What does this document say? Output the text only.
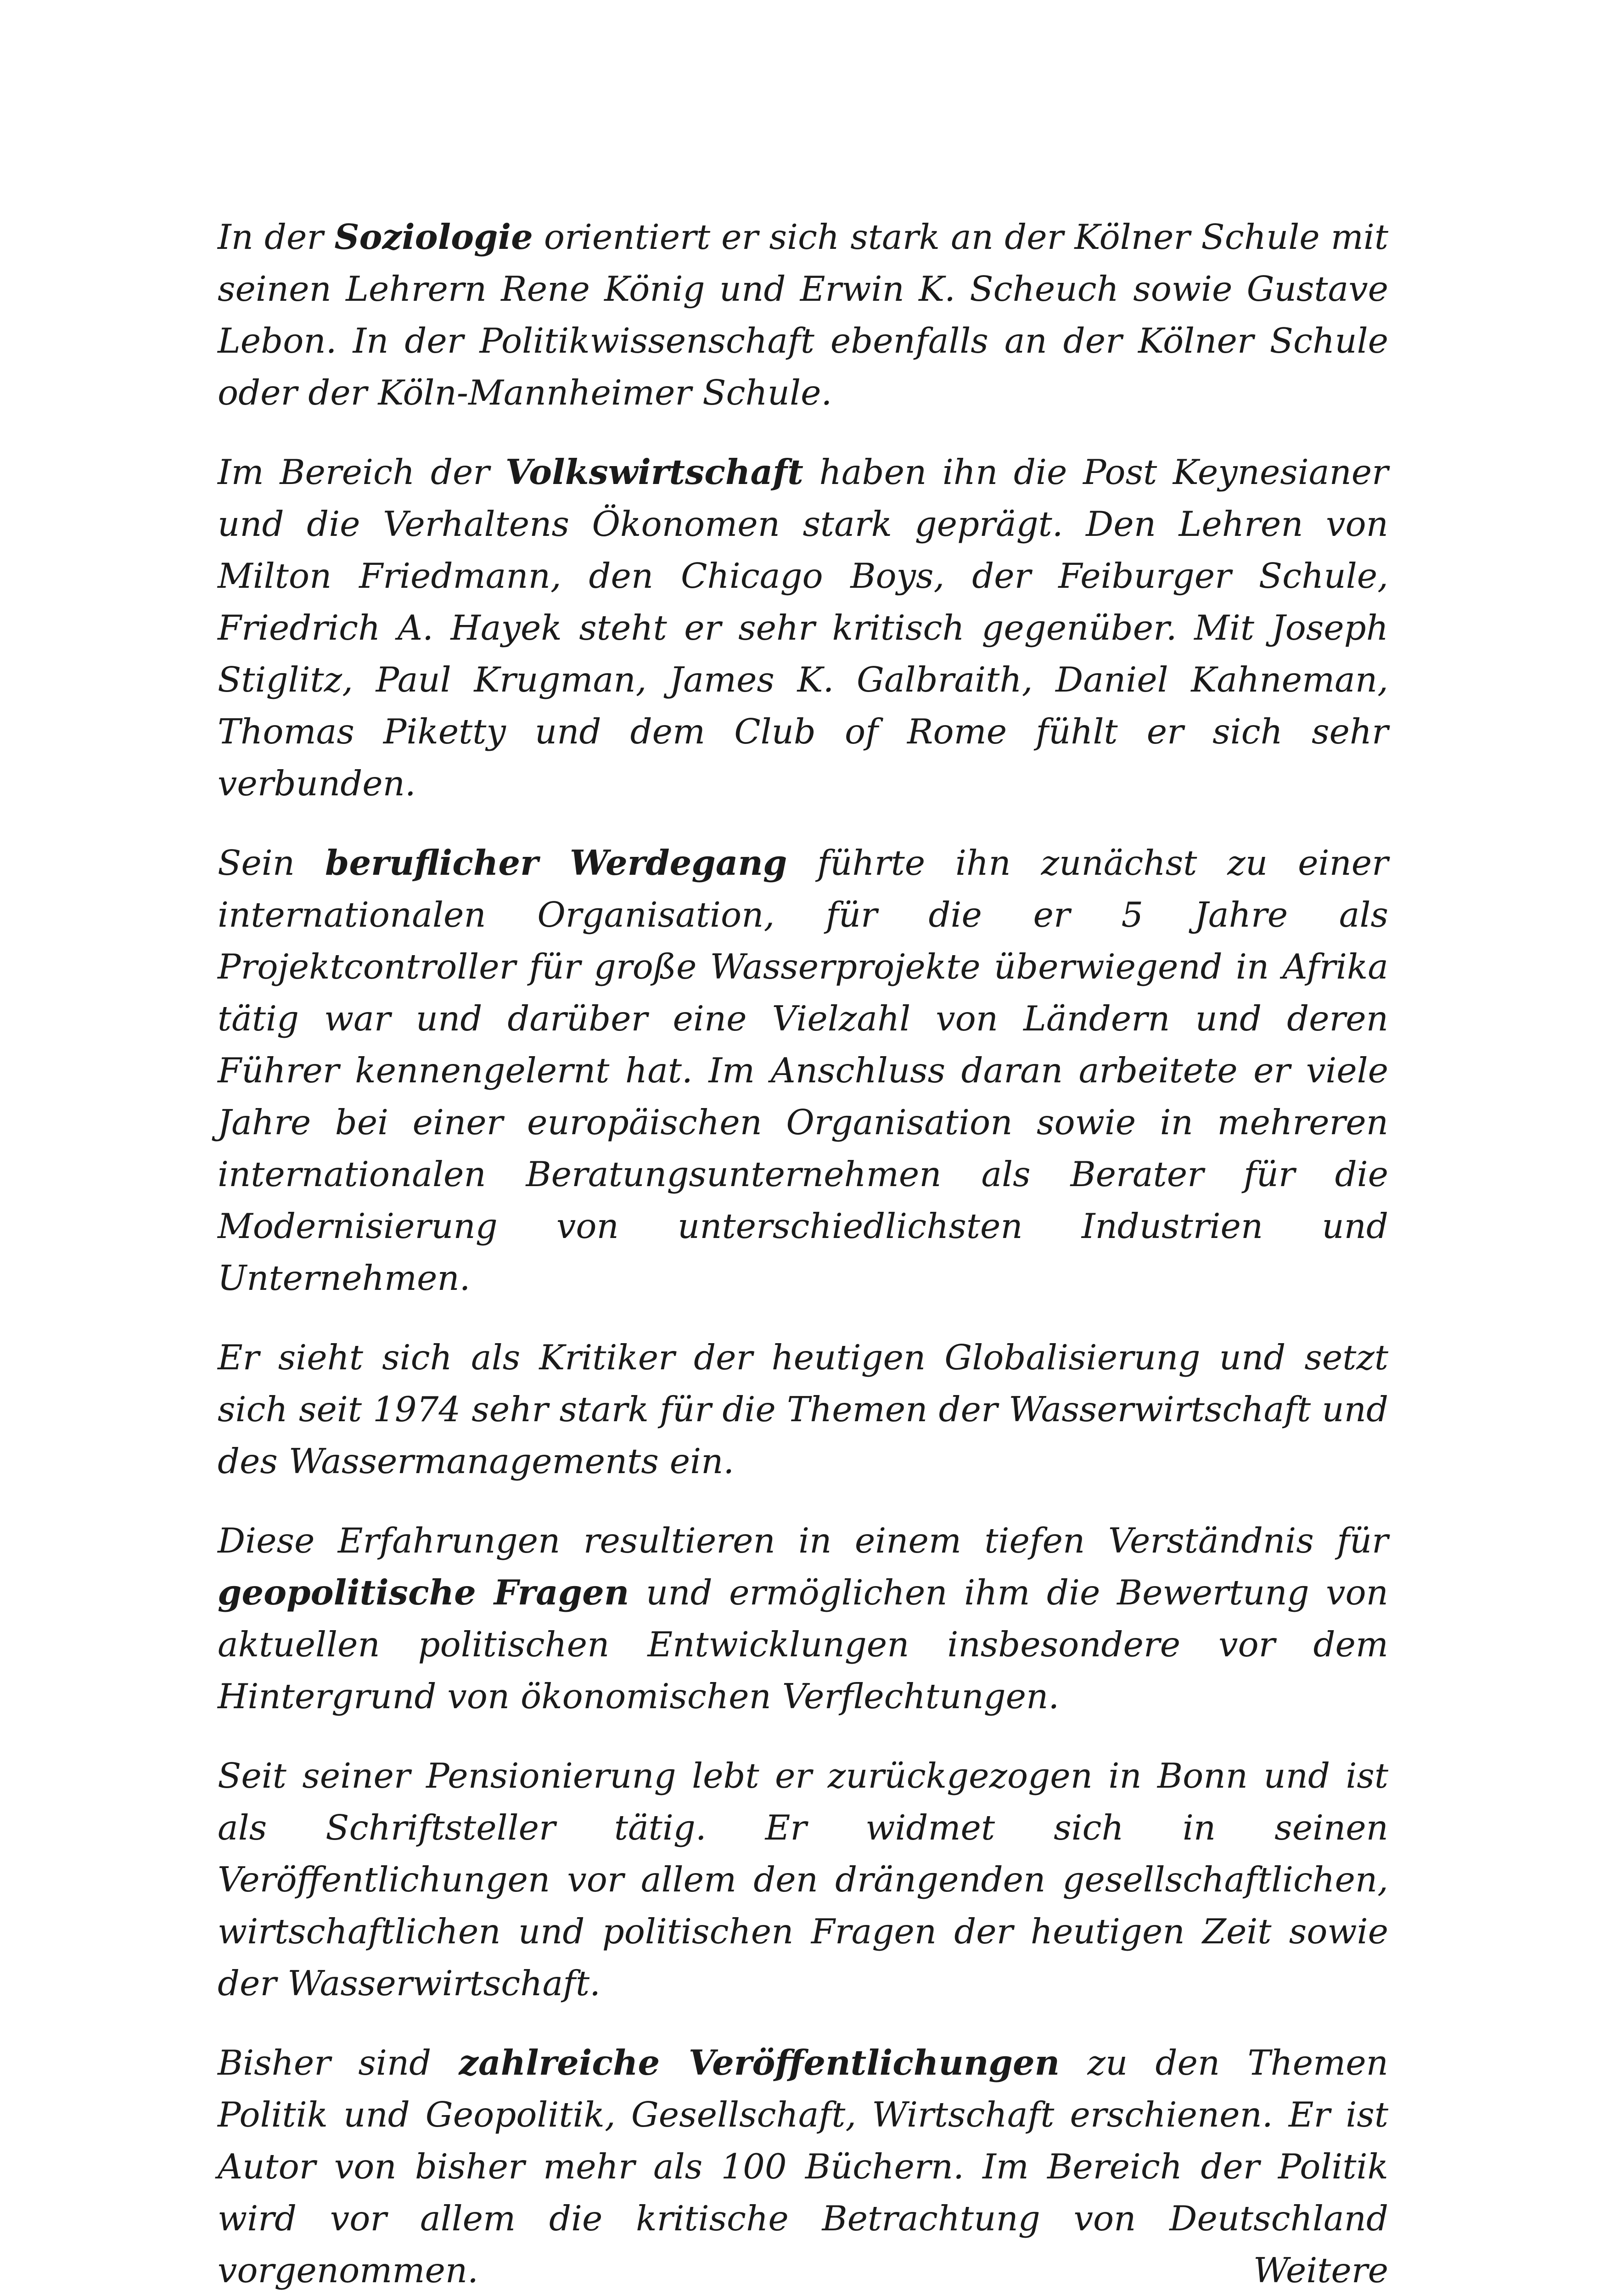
In der Soziologie orientiert er sich stark an der Kölner Schule mit seinen Lehrern Rene König und Erwin K. Scheuch sowie Gustave Lebon. In der Politikwissenschaft ebenfalls an der Kölner Schule oder der Köln-Mannheimer Schule.

Im Bereich der Volkswirtschaft haben ihn die Post Keynesianer und die Verhaltens Ökonomen stark geprägt. Den Lehren von Milton Friedmann, den Chicago Boys, der Feiburger Schule, Friedrich A. Hayek steht er sehr kritisch gegenüber. Mit Joseph Stiglitz, Paul Krugman, James K. Galbraith, Daniel Kahneman, Thomas Piketty und dem Club of Rome fühlt er sich sehr verbunden.

Sein beruflicher Werdegang führte ihn zunächst zu einer internationalen Organisation, für die er 5 Jahre als Projektcontroller für große Wasserprojekte überwiegend in Afrika tätig war und darüber eine Vielzahl von Ländern und deren Führer kennengelernt hat. Im Anschluss daran arbeitete er viele Jahre bei einer europäischen Organisation sowie in mehreren internationalen Beratungsunternehmen als Berater für die Modernisierung von unterschiedlichsten Industrien und Unternehmen.

Er sieht sich als Kritiker der heutigen Globalisierung und setzt sich seit 1974 sehr stark für die Themen der Wasserwirtschaft und des Wassermanagements ein.

Diese Erfahrungen resultieren in einem tiefen Verständnis für geopolitische Fragen und ermöglichen ihm die Bewertung von aktuellen politischen Entwicklungen insbesondere vor dem Hintergrund von ökonomischen Verflechtungen.

Seit seiner Pensionierung lebt er zurückgezogen in Bonn und ist als Schriftsteller tätig. Er widmet sich in seinen Veröffentlichungen vor allem den drängenden gesellschaftlichen, wirtschaftlichen und politischen Fragen der heutigen Zeit sowie der Wasserwirtschaft.

Bisher sind zahlreiche Veröffentlichungen zu den Themen Politik und Geopolitik, Gesellschaft, Wirtschaft erschienen. Er ist Autor von bisher mehr als 100 Büchern. Im Bereich der Politik wird vor allem die kritische Betrachtung von Deutschland vorgenommen. Weitere
